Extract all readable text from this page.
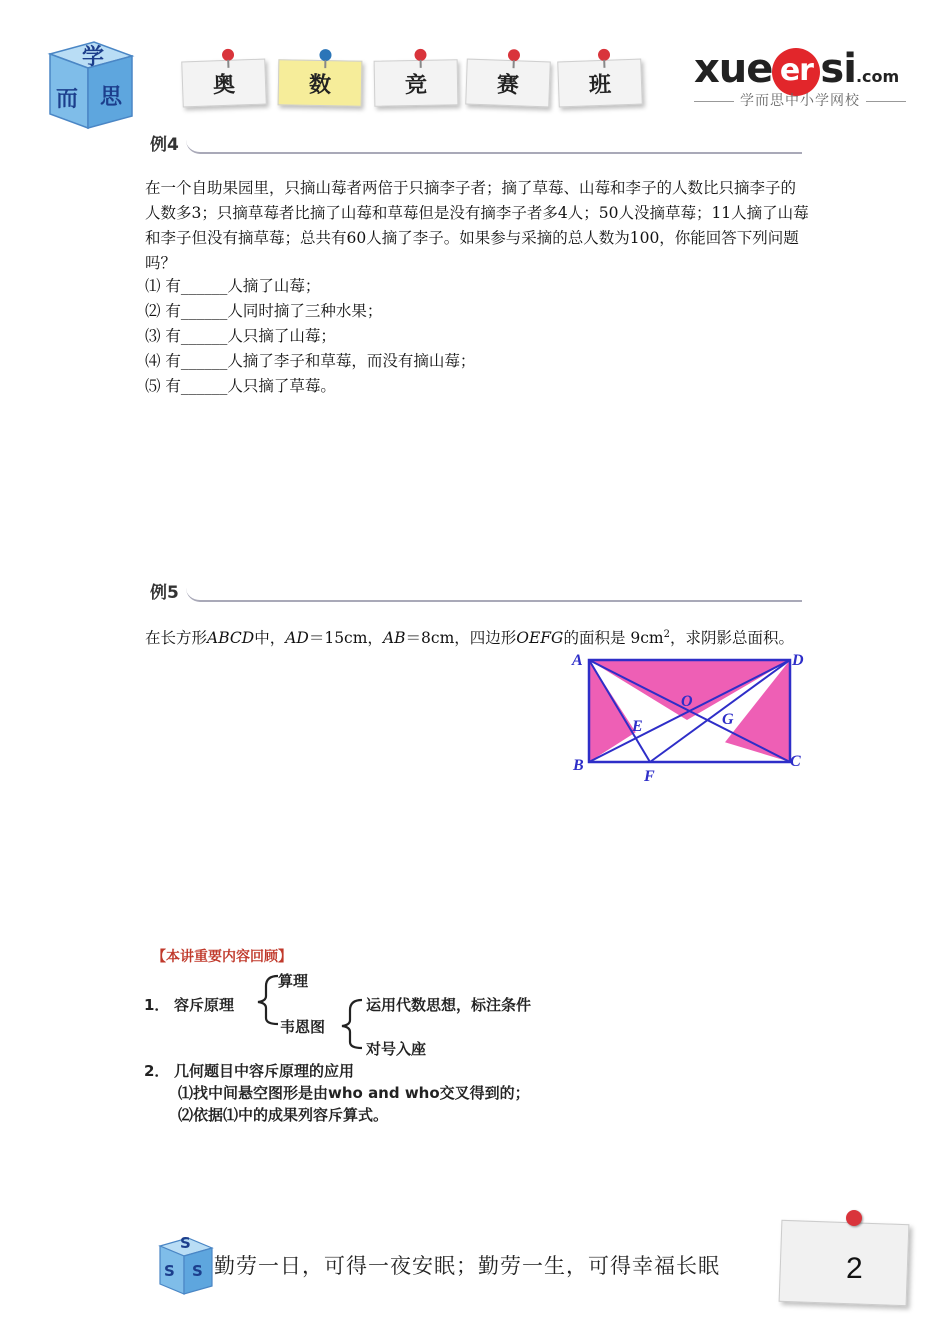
学
而 思	奥	数	竞	赛	班 xue er si.com
学而思中小学网校
例4
在一个自助果园里，只摘山莓者两倍于只摘李子者；摘了草莓、山莓和李子的人数比只摘李子的人数多3；只摘草莓者比摘了山莓和草莓但是没有摘李子者多4人；50人没摘草莓；11人摘了山莓和李子但没有摘草莓；总共有60人摘了李子。如果参与采摘的总人数为100，你能回答下列问题吗？
⑴ 有______人摘了山莓；
⑵ 有______人同时摘了三种水果；
⑶ 有______人只摘了山莓；
⑷ 有______人摘了李子和草莓，而没有摘山莓；
⑸ 有______人只摘了草莓。
例5
在长方形ABCD中，AD＝15cm，AB＝8cm，四边形OEFG的面积是 $9cm^2$，求阴影总面积。
A	D
B	C
F
E
O
G
【本讲重要内容回顾】
1． 容斥原理
算理
韦恩图
运用代数思想，标注条件
对号入座
2． 几何题目中容斥原理的应用
⑴找中间悬空图形是由who and who交叉得到的；
⑵依据⑴中的成果列容斥算式。
S
S S 勤劳一日，可得一夜安眠；勤劳一生，可得幸福长眠	2
